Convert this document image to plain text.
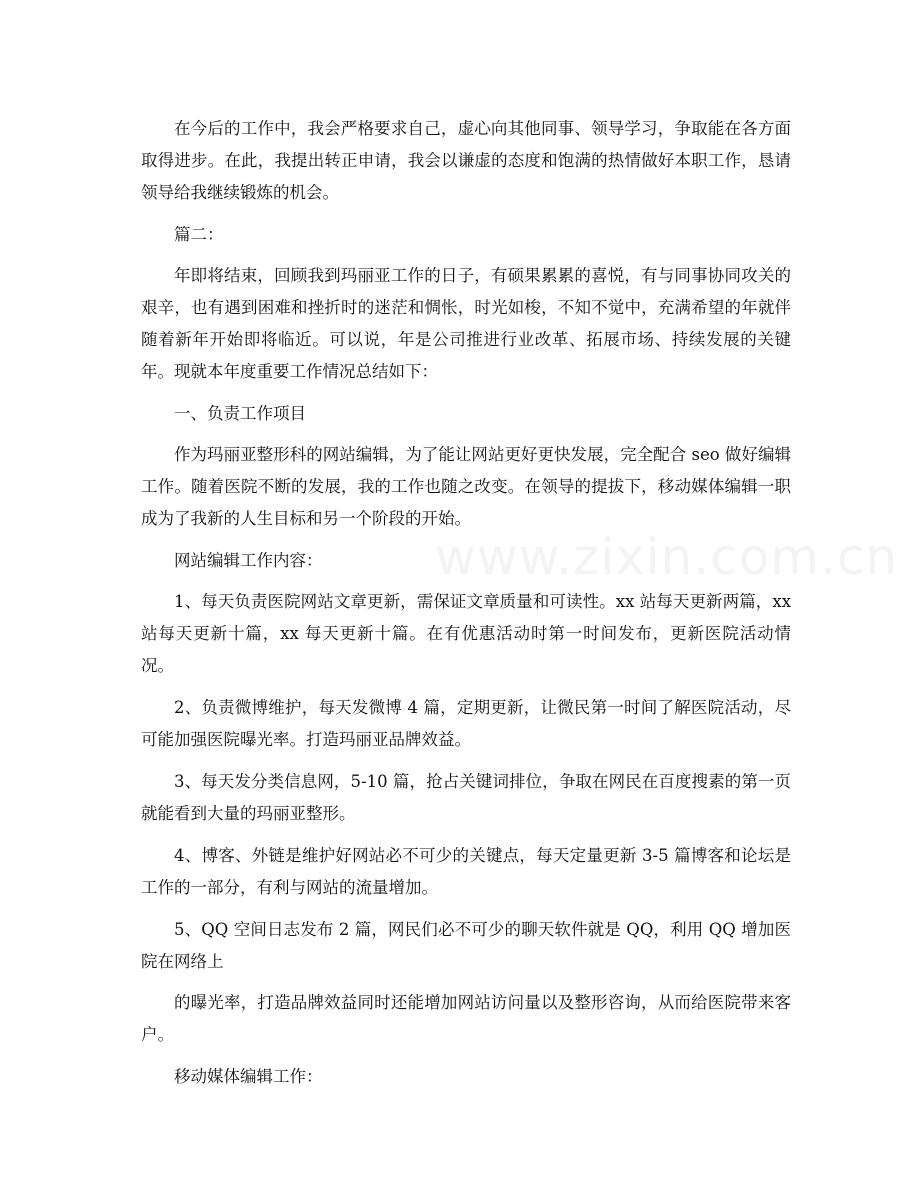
www.zixin.com.cn

在今后的工作中，我会严格要求自己，虚心向其他同事、领导学习，争取能在各方面取得进步。在此，我提出转正申请，我会以谦虚的态度和饱满的热情做好本职工作，恳请领导给我继续锻炼的机会。

篇二：

年即将结束，回顾我到玛丽亚工作的日子，有硕果累累的喜悦，有与同事协同攻关的艰辛，也有遇到困难和挫折时的迷茫和惆怅，时光如梭，不知不觉中，充满希望的年就伴随着新年开始即将临近。可以说，年是公司推进行业改革、拓展市场、持续发展的关键年。现就本年度重要工作情况总结如下：

一、负责工作项目

作为玛丽亚整形科的网站编辑，为了能让网站更好更快发展，完全配合 seo 做好编辑工作。随着医院不断的发展，我的工作也随之改变。在领导的提拔下，移动媒体编辑一职成为了我新的人生目标和另一个阶段的开始。

网站编辑工作内容：

1、每天负责医院网站文章更新，需保证文章质量和可读性。xx 站每天更新两篇，xx 站每天更新十篇，xx 每天更新十篇。在有优惠活动时第一时间发布，更新医院活动情况。

2、负责微博维护，每天发微博 4 篇，定期更新，让微民第一时间了解医院活动，尽可能加强医院曝光率。打造玛丽亚品牌效益。

3、每天发分类信息网，5-10 篇，抢占关键词排位，争取在网民在百度搜素的第一页就能看到大量的玛丽亚整形。

4、博客、外链是维护好网站必不可少的关键点，每天定量更新 3-5 篇博客和论坛是工作的一部分，有利与网站的流量增加。

5、QQ 空间日志发布 2 篇，网民们必不可少的聊天软件就是 QQ，利用 QQ 增加医院在网络上

的曝光率，打造品牌效益同时还能增加网站访问量以及整形咨询，从而给医院带来客户。

移动媒体编辑工作：
